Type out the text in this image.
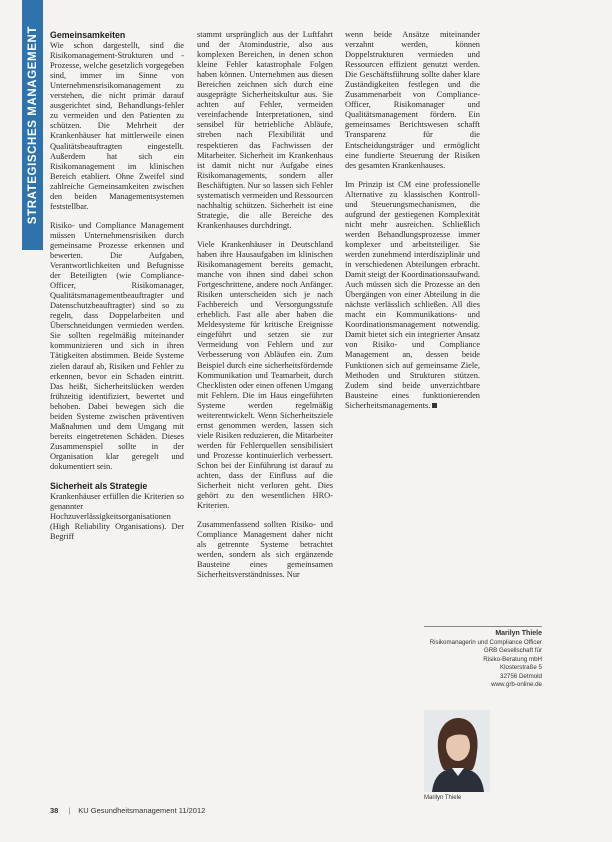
STRATEGISCHES MANAGEMENT Gemeinsamkeiten

Wie schon dargestellt, sind die Risikomanagement-Strukturen und -Prozesse, welche gesetzlich vorgegeben sind, immer im Sinne von Unternehmensrisikomanagement zu verstehen, die nicht primär darauf ausgerichtet sind, Behandlungs-fehler zu vermeiden und den Patienten zu schützen. Die Mehrheit der Krankenhäuser hat mittlerweile einen Qualitätsbeauftragten eingestellt. Außerdem hat sich ein Risikomanagement im klinischen Bereich etabliert. Ohne Zweifel sind zahlreiche Gemeinsamkeiten zwischen den beiden Managementsystemen feststellbar.

Risiko- und Compliance Management müssen Unternehmensrisiken durch gemeinsame Prozesse erkennen und bewerten. Die Aufgaben, Verantwortlichkeiten und Befugnisse der Beteiligten (wie Compliance-Officer, Risikomanager, Qualitätsmanagementbeauftragter und Datenschutzbeauftragter) sind so zu regeln, dass Doppelarbeiten und Überschneidungen vermieden werden. Sie sollten regelmäßig miteinander kommunizieren und sich in ihren Tätigkeiten abstimmen. Beide Systeme zielen darauf ab, Risiken und Fehler zu erkennen, bevor ein Schaden eintritt. Das heißt, Sicherheitslücken werden frühzeitig identifiziert, bewertet und behoben. Dabei bewegen sich die beiden Systeme zwischen präventiven Maßnahmen und dem Umgang mit bereits eingetretenen Schäden. Dieses Zusammenspiel sollte in der Organisation klar geregelt und dokumentiert sein.

Sicherheit als Strategie

Krankenhäuser erfüllen die Kriterien so genannter Hochzuverlässigkeitsorganisationen (High Reliability Organisations). Der Begriff

stammt ursprünglich aus der Luftfahrt und der Atomindustrie, also aus komplexen Bereichen, in denen schon kleine Fehler katastrophale Folgen haben können. Unternehmen aus diesen Bereichen zeichnen sich durch eine ausgeprägte Sicherheitskultur aus. Sie achten auf Fehler, vermeiden vereinfachende Interpretationen, sind sensibel für betriebliche Abläufe, streben nach Flexibilität und respektieren das Fachwissen der Mitarbeiter. Sicherheit im Krankenhaus ist damit nicht nur Aufgabe eines Risikomanagements, sondern aller Beschäftigten. Nur so lassen sich Fehler systematisch vermeiden und Ressourcen nachhaltig schützen. Sicherheit ist eine Strategie, die alle Bereiche des Krankenhauses durchdringt.

Viele Krankenhäuser in Deutschland haben ihre Hausaufgaben im klinischen Risikomanagement bereits gemacht, manche von ihnen sind dabei schon Fortgeschrittene, andere noch Anfänger. Risiken unterscheiden sich je nach Fachbereich und Versorgungsstufe erheblich. Fast alle aber haben die Meldesysteme für kritische Ereignisse eingeführt und setzen sie zur Vermeidung von Fehlern und zur Verbesserung von Abläufen ein. Zum Beispiel durch eine sicherheitsfördernde Kommunikation und Teamarbeit, durch Checklisten oder einen offenen Umgang mit Fehlern. Die im Haus eingeführten Systeme werden regelmäßig weiterentwickelt. Wenn Sicherheitsziele ernst genommen werden, lassen sich viele Risiken reduzieren, die Mitarbeiter werden für Fehlerquellen sensibilisiert und Prozesse kontinuierlich verbessert. Schon bei der Einführung ist darauf zu achten, dass der Einfluss auf die Sicherheit nicht verloren geht. Dies gehört zu den wesentlichen HRO-Kriterien.

Zusammenfassend sollten Risiko- und Compliance Management daher nicht als getrennte Systeme betrachtet werden, sondern als sich ergänzende Bausteine eines gemeinsamen Sicherheitsverständnisses. Nur

wenn beide Ansätze miteinander verzahnt werden, können Doppelstrukturen vermieden und Ressourcen effizient genutzt werden. Die Geschäftsführung sollte daher klare Zuständigkeiten festlegen und die Zusammenarbeit von Compliance-Officer, Risikomanager und Qualitätsmanagement fördern. Ein gemeinsames Berichtswesen schafft Transparenz für die Entscheidungsträger und ermöglicht eine fundierte Steuerung der Risiken des gesamten Krankenhauses.

Im Prinzip ist CM eine professionelle Alternative zu klassischen Kontroll- und Steuerungsmechanismen, die aufgrund der gestiegenen Komplexität nicht mehr ausreichen. Schließlich werden Behandlungsprozesse immer komplexer und arbeitsteiliger. Sie werden zunehmend interdisziplinär und in verschiedenen Abteilungen erbracht. Damit steigt der Koordinationsaufwand. Auch müssen sich die Prozesse an den Übergängen von einer Abteilung in die nächste verlässlich schließen. All dies macht ein Kommunikations- und Koordinationsmanagement notwendig. Damit bietet sich ein integrierter Ansatz von Risiko- und Compliance Management an, dessen beide Funktionen sich auf gemeinsame Ziele, Methoden und Strukturen stützen. Zudem sind beide unverzichtbare Bausteine eines funktionierenden Sicherheitsmanagements.

Marilyn Thiele
Risikomanagerin und Compliance Officer
GRB Gesellschaft für
Risiko-Beratung mbH
Klosterstraße 5
32756 Detmold
www.grb-online.de
Marilyn Thiele
38 | KU Gesundheitsmanagement 11/2012
